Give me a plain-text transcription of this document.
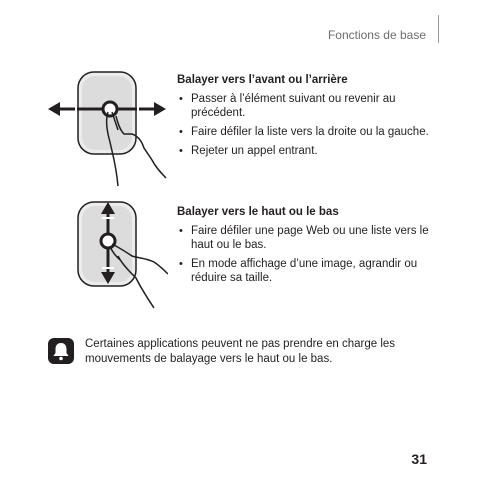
Fonctions de base
Balayer vers l’avant ou l’arrière
• Passer à l’élément suivant ou revenir au précédent.
• Faire défiler la liste vers la droite ou la gauche.
• Rejeter un appel entrant.
Balayer vers le haut ou le bas
• Faire défiler une page Web ou une liste vers le haut ou le bas.
• En mode affichage d’une image, agrandir ou réduire sa taille.
Certaines applications peuvent ne pas prendre en charge les mouvements de balayage vers le haut ou le bas.
31
